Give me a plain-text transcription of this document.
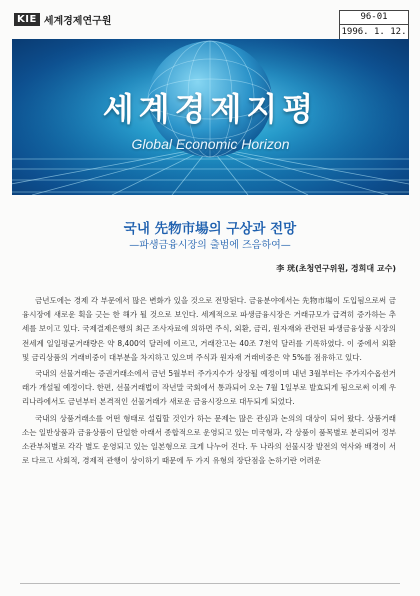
KIE 세계경제연구원	96-01
1996. 1. 12.
세계경제지평
Global Economic Horizon
국내 先物市場의 구상과 전망
—파생금융시장의 출범에 즈음하여—
李 珖(초청연구위원, 경희대 교수)

금년도에는 경제 각 부문에서 많은 변화가 있을 것으로 전망된다. 금융분야에서는 先物市場이 도입됨으로써 금융시장에 새로운 획을 긋는 한 해가 될 것으로 보인다. 세계적으로 파생금융시장은 거래규모가 급격히 증가하는 추세를 보이고 있다. 국제결제은행의 최근 조사자료에 의하면 주식, 외환, 금리, 원자재와 관련된 파생금융상품 시장의 전세계 일일평균거래량은 약 8,400억 달러에 이르고, 거래잔고는 40조 7천억 달러를 기록하였다. 이 중에서 외환 및 금리상품의 거래비중이 대부분을 차지하고 있으며 주식과 원자재 거래비중은 약 5%를 점유하고 있다.

국내의 선물거래는 증권거래소에서 금년 5월부터 주가지수가 상장될 예정이며 내년 3월부터는 주가지수옵션거래가 개설될 예정이다. 한편, 선물거래법이 작년말 국회에서 통과되어 오는 7월 1일부로 발효되게 됨으로써 이제 우리나라에서도 금년부터 본격적인 선물거래가 새로운 금융시장으로 대두되게 되었다.

국내의 상품거래소를 어떤 형태로 설립할 것인가 하는 문제는 많은 관심과 논의의 대상이 되어 왔다. 상품거래소는 일반상품과 금융상품이 단일한 아래서 종합적으로 운영되고 있는 미국형과, 각 상품이 품목별로 분리되어 정부 소관부처별로 각각 별도 운영되고 있는 일본형으로 크게 나누어 진다. 두 나라의 선물시장 발전의 역사와 배경이 서로 다르고 사회적, 경제적 관행이 상이하기 때문에 두 가지 유형의 장단점을 논하기란 어려운
